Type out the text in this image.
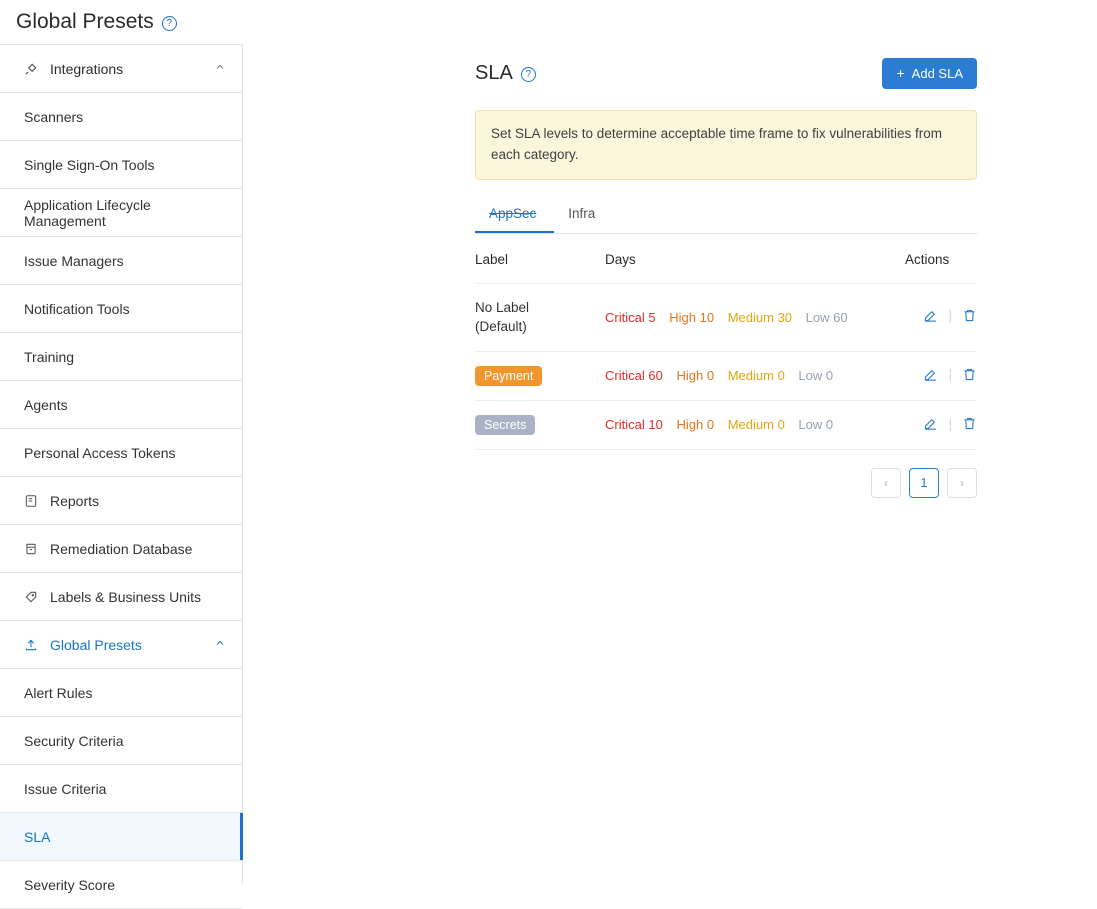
Global Presets	?
Integrations
Scanners
Single Sign-On Tools
Application Lifecycle Management
Issue Managers
Notification Tools
Training
Agents
Personal Access Tokens
Reports
Remediation Database
Labels & Business Units
Global Presets
Alert Rules
Security Criteria
Issue Criteria
SLA
Severity Score
SLA	?	+ Add SLA
Set SLA levels to determine acceptable time frame to fix vulnerabilities from each category.
AppSec	Infra
Label	Days	Actions

No Label
(Default)	Critical 5 High 10 Medium 30 Low 60	|

Payment	Critical 60 High 0 Medium 0 Low 0	|

Secrets	Critical 10 High 0 Medium 0 Low 0	|
‹	1	›
